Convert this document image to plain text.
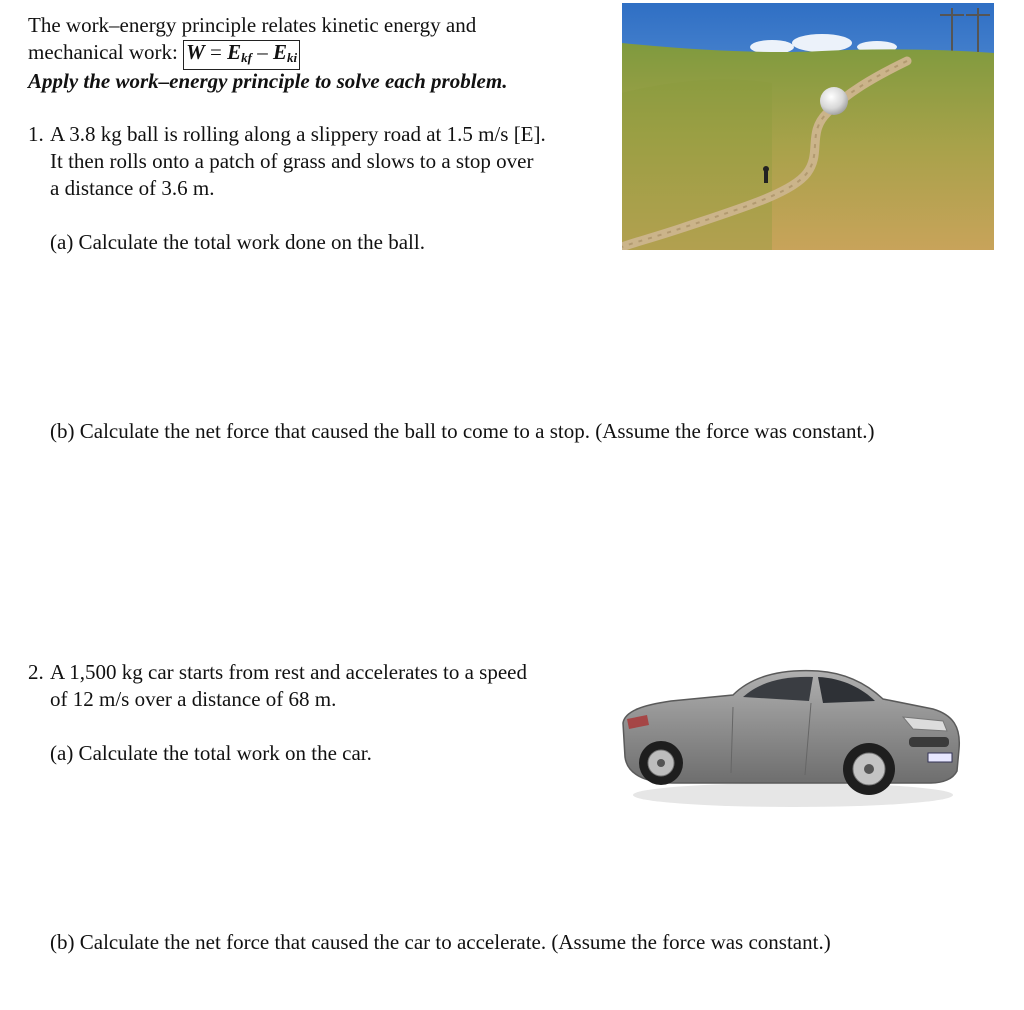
The work–energy principle relates kinetic energy and

mechanical work: $W = E_{kf} - E_{ki}$

Apply the work–energy principle to solve each problem.

1. A 3.8 kg ball is rolling along a slippery road at 1.5 m/s [E].

It then rolls onto a patch of grass and slows to a stop over

a distance of 3.6 m.

(a) Calculate the total work done on the ball.

(b) Calculate the net force that caused the ball to come to a stop. (Assume the force was constant.)

2. A 1,500 kg car starts from rest and accelerates to a speed

of 12 m/s over a distance of 68 m.

(a) Calculate the total work on the car.

(b) Calculate the net force that caused the car to accelerate. (Assume the force was constant.)
